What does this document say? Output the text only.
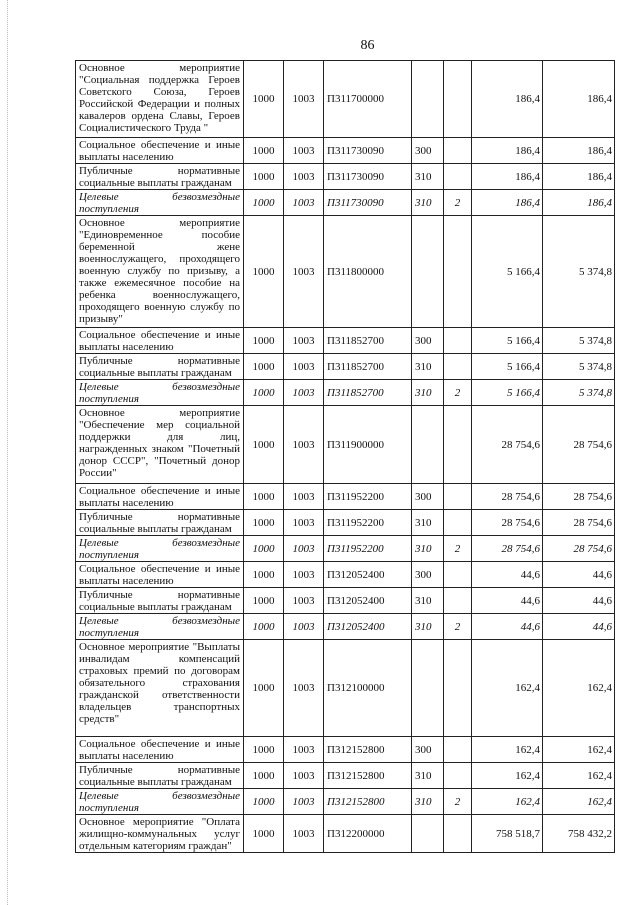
86
Основное мероприятие "Социальная поддержка Героев Советского Союза, Героев Российской Федерации и полных кавалеров ордена Славы, Героев Социалистического Труда "	1000	1003	П311700000			186,4	186,4
Социальное обеспечение и иные выплаты населению	1000	1003	П311730090	300		186,4	186,4
Публичные нормативные социальные выплаты гражданам	1000	1003	П311730090	310		186,4	186,4
Целевые безвозмездные поступления	1000	1003	П311730090	310	2	186,4	186,4
Основное мероприятие "Единовременное пособие беременной жене военнослужащего, проходящего военную службу по призыву, а также ежемесячное пособие на ребенка военнослужащего, проходящего военную службу по призыву"	1000	1003	П311800000			5 166,4	5 374,8
Социальное обеспечение и иные выплаты населению	1000	1003	П311852700	300		5 166,4	5 374,8
Публичные нормативные социальные выплаты гражданам	1000	1003	П311852700	310		5 166,4	5 374,8
Целевые безвозмездные поступления	1000	1003	П311852700	310	2	5 166,4	5 374,8
Основное мероприятие "Обеспечение мер социальной поддержки для лиц, награжденных знаком "Почетный донор СССР", "Почетный донор России"	1000	1003	П311900000			28 754,6	28 754,6
Социальное обеспечение и иные выплаты населению	1000	1003	П311952200	300		28 754,6	28 754,6
Публичные нормативные социальные выплаты гражданам	1000	1003	П311952200	310		28 754,6	28 754,6
Целевые безвозмездные поступления	1000	1003	П311952200	310	2	28 754,6	28 754,6
Социальное обеспечение и иные выплаты населению	1000	1003	П312052400	300		44,6	44,6
Публичные нормативные социальные выплаты гражданам	1000	1003	П312052400	310		44,6	44,6
Целевые безвозмездные поступления	1000	1003	П312052400	310	2	44,6	44,6
Основное мероприятие "Выплаты инвалидам компенсаций страховых премий по договорам обязательного страхования гражданской ответственности владельцев транспортных средств"	1000	1003	П312100000			162,4	162,4
Социальное обеспечение и иные выплаты населению	1000	1003	П312152800	300		162,4	162,4
Публичные нормативные социальные выплаты гражданам	1000	1003	П312152800	310		162,4	162,4
Целевые безвозмездные поступления	1000	1003	П312152800	310	2	162,4	162,4
Основное мероприятие "Оплата жилищно-коммунальных услуг отдельным категориям граждан"	1000	1003	П312200000			758 518,7	758 432,2
